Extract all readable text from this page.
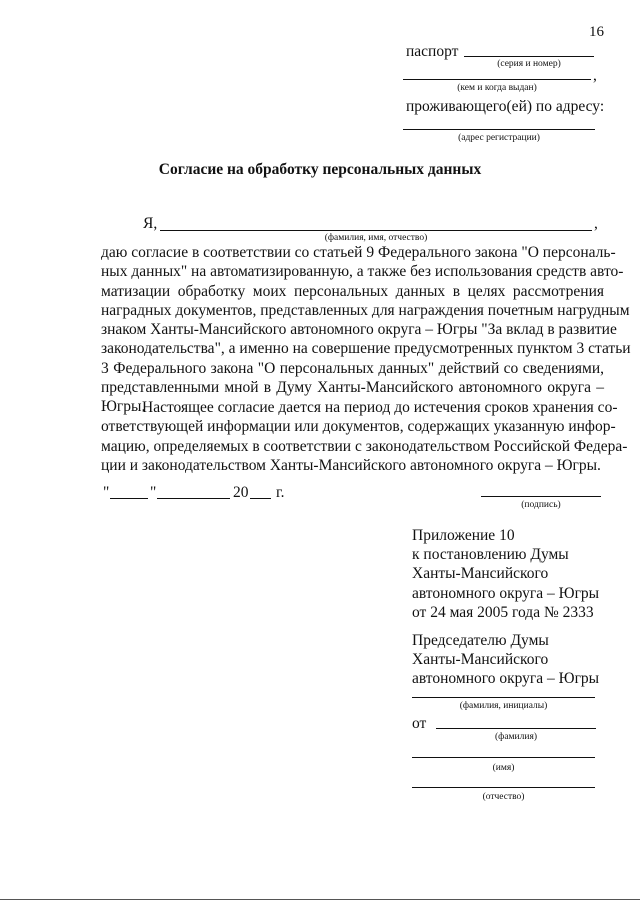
16
паспорт
(серия и номер)
,
(кем и когда выдан)
проживающего(ей) по адресу:
(адрес регистрации)
Согласие на обработку персональных данных
Я,	,
(фамилия, имя, отчество)
даю согласие в соответствии со статьей 9 Федерального закона "О персональ-
ных данных" на автоматизированную, а также без использования средств авто-
матизации обработку моих персональных данных в целях рассмотрения
наградных документов, представленных для награждения почетным нагрудным
знаком Ханты-Мансийского автономного округа – Югры "За вклад в развитие
законодательства", а именно на совершение предусмотренных пунктом 3 статьи
3 Федерального закона "О персональных данных" действий со сведениями,
представленными мной в Думу Ханты-Мансийского автономного округа –
Югры.
Настоящее согласие дается на период до истечения сроков хранения со-
ответствующей информации или документов, содержащих указанную инфор-
мацию, определяемых в соответствии с законодательством Российской Федера-
ции и законодательством Ханты-Мансийского автономного округа – Югры.
"	"	20 г.
(подпись)
Приложение 10
к постановлению Думы
Ханты-Мансийского
автономного округа – Югры
от 24 мая 2005 года № 2333
Председателю Думы
Ханты-Мансийского
автономного округа – Югры
(фамилия, инициалы)
от
(фамилия)
(имя)
(отчество)
